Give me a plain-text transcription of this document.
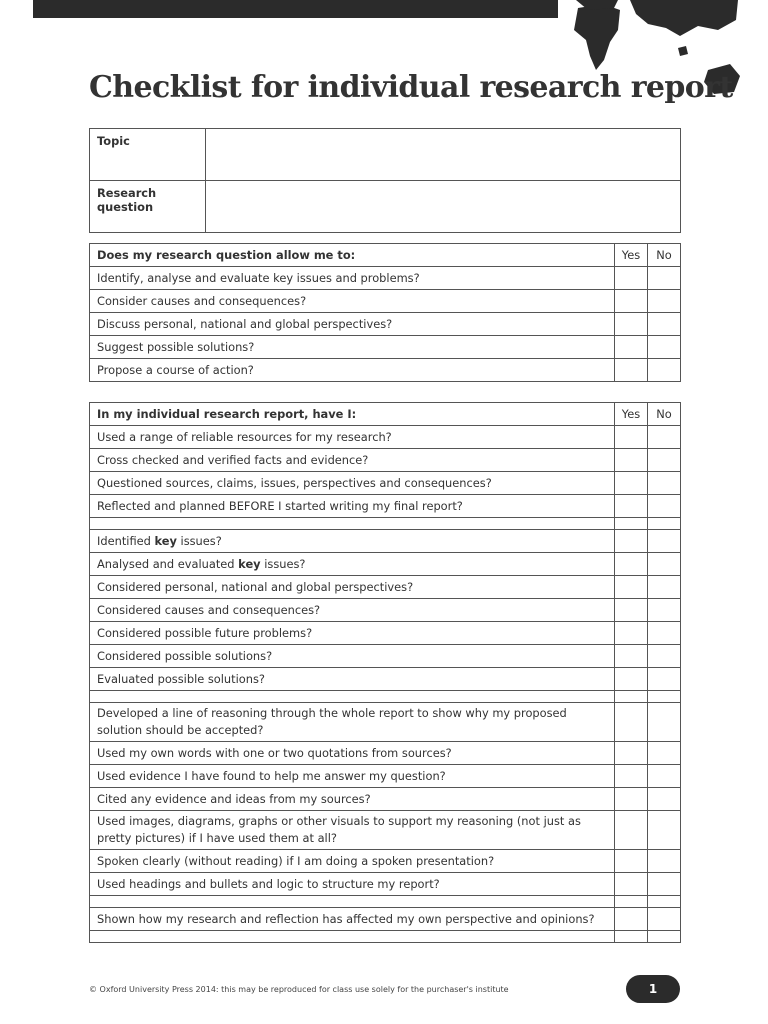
Checklist for individual research report
Topic	
Research question	
Does my research question allow me to:	Yes	No
Identify, analyse and evaluate key issues and problems?		
Consider causes and consequences?		
Discuss personal, national and global perspectives?		
Suggest possible solutions?		
Propose a course of action?		
In my individual research report, have I:	Yes	No
Used a range of reliable resources for my research?		
Cross checked and verified facts and evidence?		
Questioned sources, claims, issues, perspectives and consequences?		
Reflected and planned BEFORE I started writing my final report?		

Identified key issues?		
Analysed and evaluated key issues?		
Considered personal, national and global perspectives?		
Considered causes and consequences?		
Considered possible future problems?		
Considered possible solutions?		
Evaluated possible solutions?		

Developed a line of reasoning through the whole report to show why my proposed solution should be accepted?		
Used my own words with one or two quotations from sources?		
Used evidence I have found to help me answer my question?		
Cited any evidence and ideas from my sources?		
Used images, diagrams, graphs or other visuals to support my reasoning (not just as pretty pictures) if I have used them at all?		
Spoken clearly (without reading) if I am doing a spoken presentation?		
Used headings and bullets and logic to structure my report?		

Shown how my research and reflection has affected my own perspective and opinions?		

© Oxford University Press 2014: this may be reproduced for class use solely for the purchaser's institute	1
